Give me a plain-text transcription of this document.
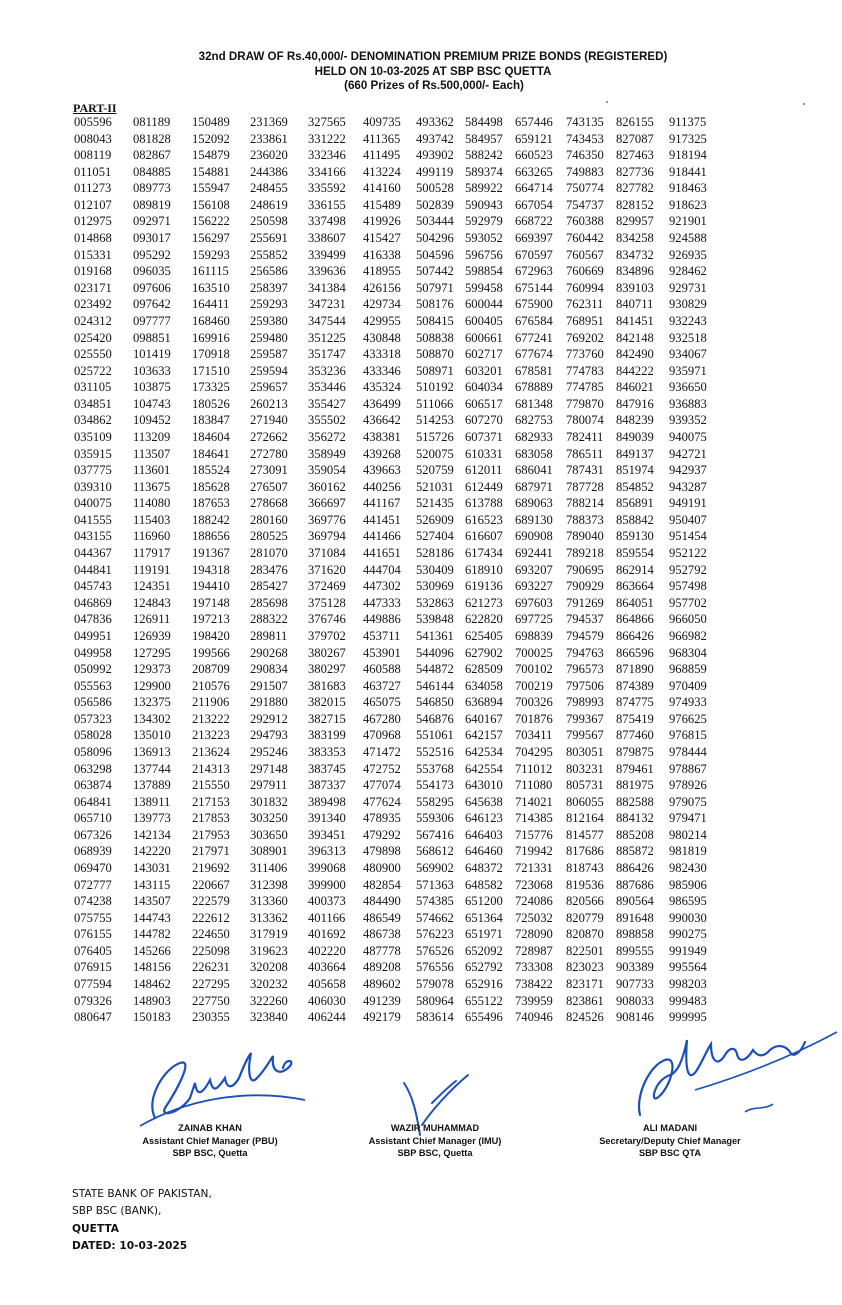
32nd DRAW OF Rs.40,000/- DENOMINATION PREMIUM PRIZE BONDS (REGISTERED)
HELD ON 10-03-2025 AT SBP BSC QUETTA
(660 Prizes of Rs.500,000/- Each)
PART-II
005596
008043
008119
011051
011273
012107
012975
014868
015331
019168
023171
023492
024312
025420
025550
025722
031105
034851
034862
035109
035915
037775
039310
040075
041555
043155
044367
044841
045743
046869
047836
049951
049958
050992
055563
056586
057323
058028
058096
063298
063874
064841
065710
067326
068939
069470
072777
074238
075755
076155
076405
076915
077594
079326
080647
081189
081828
082867
084885
089773
089819
092971
093017
095292
096035
097606
097642
097777
098851
101419
103633
103875
104743
109452
113209
113507
113601
113675
114080
115403
116960
117917
119191
124351
124843
126911
126939
127295
129373
129900
132375
134302
135010
136913
137744
137889
138911
139773
142134
142220
143031
143115
143507
144743
144782
145266
148156
148462
148903
150183
150489
152092
154879
154881
155947
156108
156222
156297
159293
161115
163510
164411
168460
169916
170918
171510
173325
180526
183847
184604
184641
185524
185628
187653
188242
188656
191367
194318
194410
197148
197213
198420
199566
208709
210576
211906
213222
213223
213624
214313
215550
217153
217853
217953
217971
219692
220667
222579
222612
224650
225098
226231
227295
227750
230355
231369
233861
236020
244386
248455
248619
250598
255691
255852
256586
258397
259293
259380
259480
259587
259594
259657
260213
271940
272662
272780
273091
276507
278668
280160
280525
281070
283476
285427
285698
288322
289811
290268
290834
291507
291880
292912
294793
295246
297148
297911
301832
303250
303650
308901
311406
312398
313360
313362
317919
319623
320208
320232
322260
323840
327565
331222
332346
334166
335592
336155
337498
338607
339499
339636
341384
347231
347544
351225
351747
353236
353446
355427
355502
356272
358949
359054
360162
366697
369776
369794
371084
371620
372469
375128
376746
379702
380267
380297
381683
382015
382715
383199
383353
383745
387337
389498
391340
393451
396313
399068
399900
400373
401166
401692
402220
403664
405658
406030
406244
409735
411365
411495
413224
414160
415489
419926
415427
416338
418955
426156
429734
429955
430848
433318
433346
435324
436499
436642
438381
439268
439663
440256
441167
441451
441466
441651
444704
447302
447333
449886
453711
453901
460588
463727
465075
467280
470968
471472
472752
477074
477624
478935
479292
479898
480900
482854
484490
486549
486738
487778
489208
489602
491239
492179
493362
493742
493902
499119
500528
502839
503444
504296
504596
507442
507971
508176
508415
508838
508870
508971
510192
511066
514253
515726
520075
520759
521031
521435
526909
527404
528186
530409
530969
532863
539848
541361
544096
544872
546144
546850
546876
551061
552516
553768
554173
558295
559306
567416
568612
569902
571363
574385
574662
576223
576526
576556
579078
580964
583614
584498
584957
588242
589374
589922
590943
592979
593052
596756
598854
599458
600044
600405
600661
602717
603201
604034
606517
607270
607371
610331
612011
612449
613788
616523
616607
617434
618910
619136
621273
622820
625405
627902
628509
634058
636894
640167
642157
642534
642554
643010
645638
646123
646403
646460
648372
648582
651200
651364
651971
652092
652792
652916
655122
655496
657446
659121
660523
663265
664714
667054
668722
669397
670597
672963
675144
675900
676584
677241
677674
678581
678889
681348
682753
682933
683058
686041
687971
689063
689130
690908
692441
693207
693227
697603
697725
698839
700025
700102
700219
700326
701876
703411
704295
711012
711080
714021
714385
715776
719942
721331
723068
724086
725032
728090
728987
733308
738422
739959
740946
743135
743453
746350
749883
750774
754737
760388
760442
760567
760669
760994
762311
768951
769202
773760
774783
774785
779870
780074
782411
786511
787431
787728
788214
788373
789040
789218
790695
790929
791269
794537
794579
794763
796573
797506
798993
799367
799567
803051
803231
805731
806055
812164
814577
817686
818743
819536
820566
820779
820870
822501
823023
823171
823861
824526
826155
827087
827463
827736
827782
828152
829957
834258
834732
834896
839103
840711
841451
842148
842490
844222
846021
847916
848239
849039
849137
851974
854852
856891
858842
859130
859554
862914
863664
864051
864866
866426
866596
871890
874389
874775
875419
877460
879875
879461
881975
882588
884132
885208
885872
886426
887686
890564
891648
898858
899555
903389
907733
908033
908146
911375
917325
918194
918441
918463
918623
921901
924588
926935
928462
929731
930829
932243
932518
934067
935971
936650
936883
939352
940075
942721
942937
943287
949191
950407
951454
952122
952792
957498
957702
966050
966982
968304
968859
970409
974933
976625
976815
978444
978867
978926
979075
979471
980214
981819
982430
985906
986595
990030
990275
991949
995564
998203
999483
999995
ZAINAB KHAN
Assistant Chief Manager (PBU)
SBP BSC, Quetta
WAZIR MUHAMMAD
Assistant Chief Manager (IMU)
SBP BSC, Quetta
ALI MADANI
Secretary/Deputy Chief Manager
SBP BSC QTA
STATE BANK OF PAKISTAN,
SBP BSC (BANK),
QUETTA
DATED: 10-03-2025
